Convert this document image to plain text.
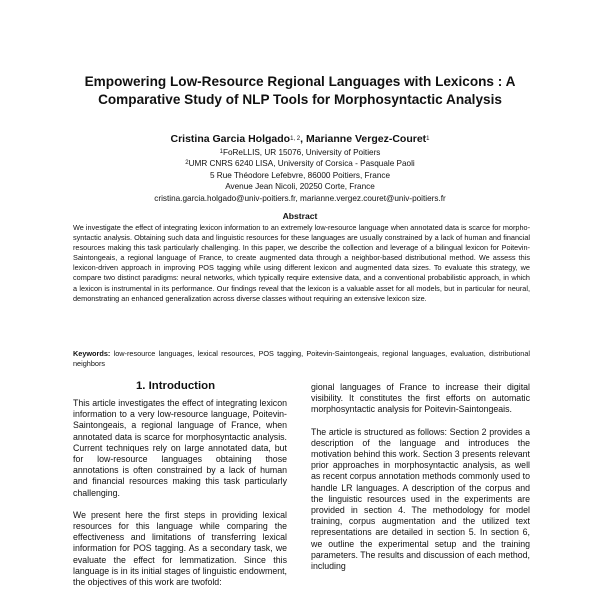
Empowering Low-Resource Regional Languages with Lexicons : A
Comparative Study of NLP Tools for Morphosyntactic Analysis
Cristina Garcia Holgado$^{1, 2}$, Marianne Vergez-Couret$^1$
$^1$FoReLLIS, UR 15076, University of Poitiers
$^2$UMR CNRS 6240 LISA, University of Corsica - Pasquale Paoli
5 Rue Théodore Lefebvre, 86000 Poitiers, France
Avenue Jean Nicoli, 20250 Corte, France
cristina.garcia.holgado@univ-poitiers.fr, marianne.vergez.couret@univ-poitiers.fr
Abstract
We investigate the effect of integrating lexicon information to an extremely low-resource language when annotated data is scarce for morpho-syntactic analysis. Obtaining such data and linguistic resources for these languages are usually constrained by a lack of human and financial resources making this task particularly challenging. In this paper, we describe the collection and leverage of a bilingual lexicon for Poitevin-Saintongeais, a regional language of France, to create augmented data through a neighbor-based distributional method. We assess this lexicon-driven approach in improving POS tagging while using different lexicon and augmented data sizes. To evaluate this strategy, we compare two distinct paradigms: neural networks, which typically require extensive data, and a conventional probabilistic approach, in which a lexicon is instrumental in its performance. Our findings reveal that the lexicon is a valuable asset for all models, but in particular for neural, demonstrating an enhanced generalization across diverse classes without requiring an extensive lexicon size.
Keywords: low-resource languages, lexical resources, POS tagging, Poitevin-Saintongeais, regional languages, evaluation, distributional neighbors
1. Introduction

This article investigates the effect of integrating lexicon information to a very low-resource language, Poitevin-Saintongeais, a regional language of France, when annotated data is scarce for morphosyntactic analysis. Current techniques rely on large annotated data, but for low-resource languages obtaining those annotations is often constrained by a lack of human and financial resources making this task particularly challenging.

We present here the first steps in providing lexical resources for this language while comparing the effectiveness and limitations of transferring lexical information for POS tagging. As a secondary task, we evaluate the effect for lemmatization. Since this language is in its initial stages of linguistic endowment, the objectives of this work are twofold:

gional languages of France to increase their digital visibility. It constitutes the first efforts on automatic morphosyntactic analysis for Poitevin-Saintongeais.

The article is structured as follows: Section 2 provides a description of the language and introduces the motivation behind this work. Section 3 presents relevant prior approaches in morphosyntactic analysis, as well as recent corpus annotation methods commonly used to handle LR languages. A description of the corpus and the linguistic resources used in the experiments are provided in section 4. The methodology for model training, corpus augmentation and the utilized text representations are detailed in section 5. In section 6, we outline the experimental setup and the training parameters. The results and discussion of each method, including
